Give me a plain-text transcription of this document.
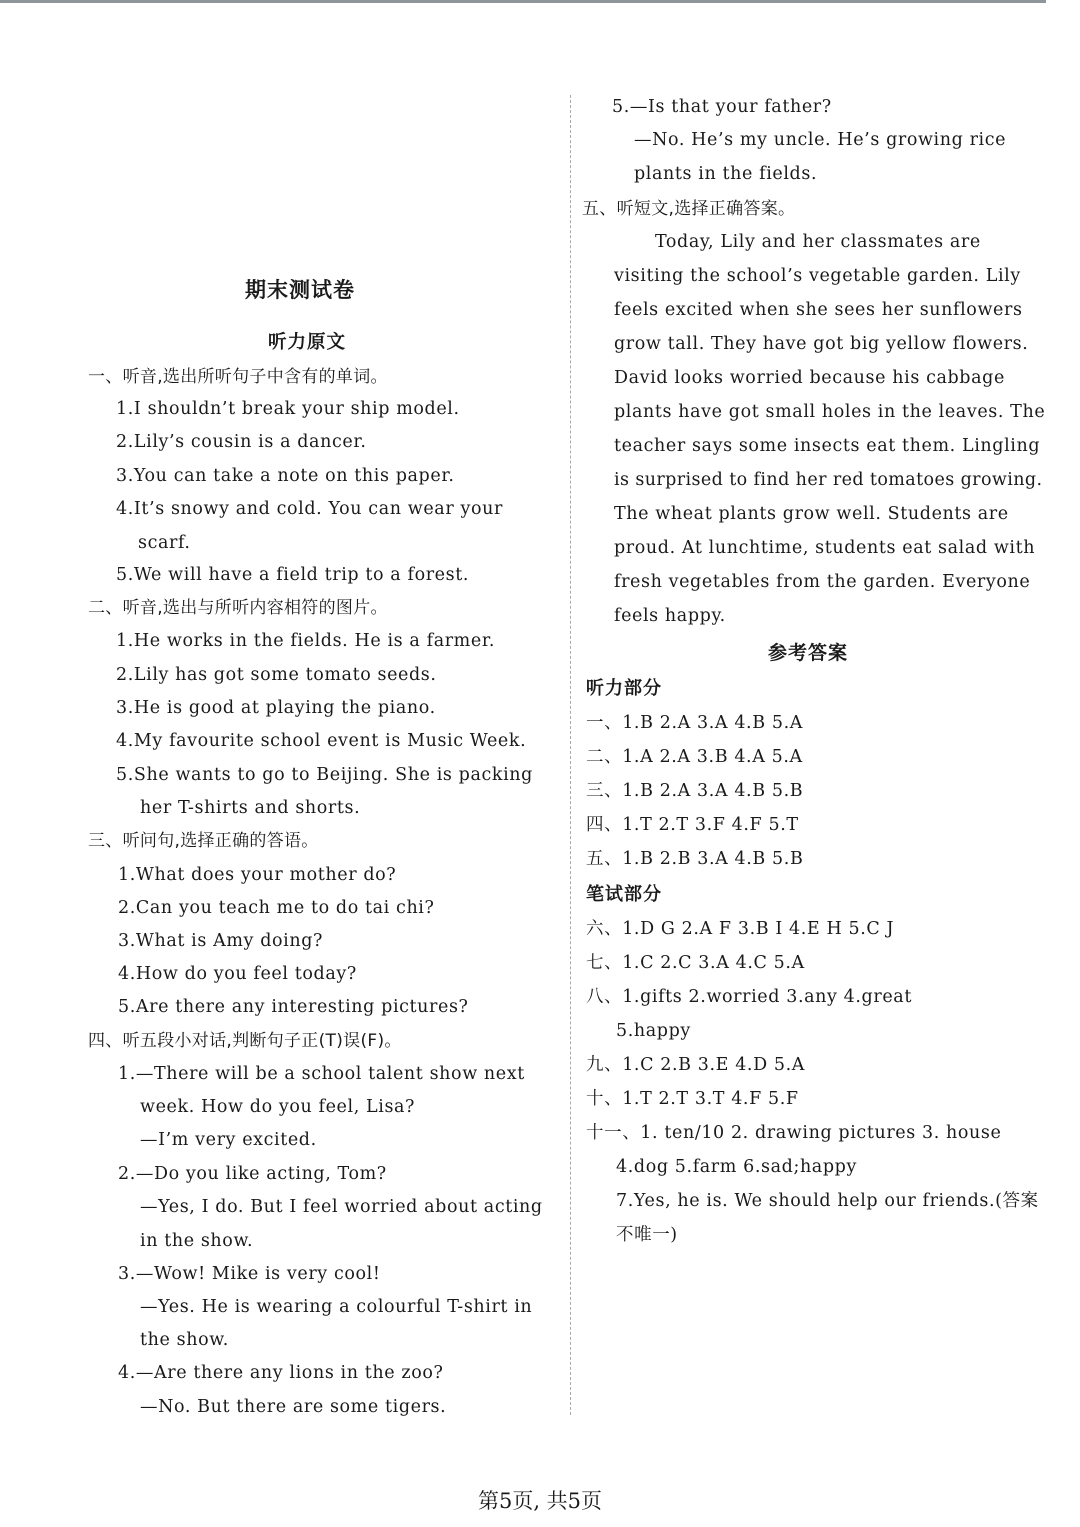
期末测试卷
听力原文
一、听音,选出所听句子中含有的单词。
1.I shouldn’t break your ship model.
2.Lily’s cousin is a dancer.
3.You can take a note on this paper.
4.It’s snowy and cold. You can wear your
scarf.
5.We will have a field trip to a forest.
二、听音,选出与所听内容相符的图片。
1.He works in the fields. He is a farmer.
2.Lily has got some tomato seeds.
3.He is good at playing the piano.
4.My favourite school event is Music Week.
5.She wants to go to Beijing. She is packing
her T-shirts and shorts.
三、听问句,选择正确的答语。
1.What does your mother do?
2.Can you teach me to do tai chi?
3.What is Amy doing?
4.How do you feel today?
5.Are there any interesting pictures?
四、听五段小对话,判断句子正(T)误(F)。
1.—There will be a school talent show next
week. How do you feel, Lisa?
—I’m very excited.
2.—Do you like acting, Tom?
—Yes, I do. But I feel worried about acting
in the show.
3.—Wow! Mike is very cool!
—Yes. He is wearing a colourful T-shirt in
the show.
4.—Are there any lions in the zoo?
—No. But there are some tigers.
5.—Is that your father?
—No. He’s my uncle. He’s growing rice
plants in the fields.
五、听短文,选择正确答案。
Today, Lily and her classmates are
visiting the school’s vegetable garden. Lily
feels excited when she sees her sunflowers
grow tall. They have got big yellow flowers.
David looks worried because his cabbage
plants have got small holes in the leaves. The
teacher says some insects eat them. Lingling
is surprised to find her red tomatoes growing.
The wheat plants grow well. Students are
proud. At lunchtime, students eat salad with
fresh vegetables from the garden. Everyone
feels happy.
参考答案
听力部分
一、1.B 2.A 3.A 4.B 5.A
二、1.A 2.A 3.B 4.A 5.A
三、1.B 2.A 3.A 4.B 5.B
四、1.T 2.T 3.F 4.F 5.T
五、1.B 2.B 3.A 4.B 5.B
笔试部分
六、1.D G 2.A F 3.B I 4.E H 5.C J
七、1.C 2.C 3.A 4.C 5.A
八、1.gifts 2.worried 3.any 4.great
5.happy
九、1.C 2.B 3.E 4.D 5.A
十、1.T 2.T 3.T 4.F 5.F
十一、1. ten/10 2. drawing pictures 3. house
4.dog 5.farm 6.sad;happy
7.Yes, he is. We should help our friends.(答案
不唯一)
第5页, 共5页
